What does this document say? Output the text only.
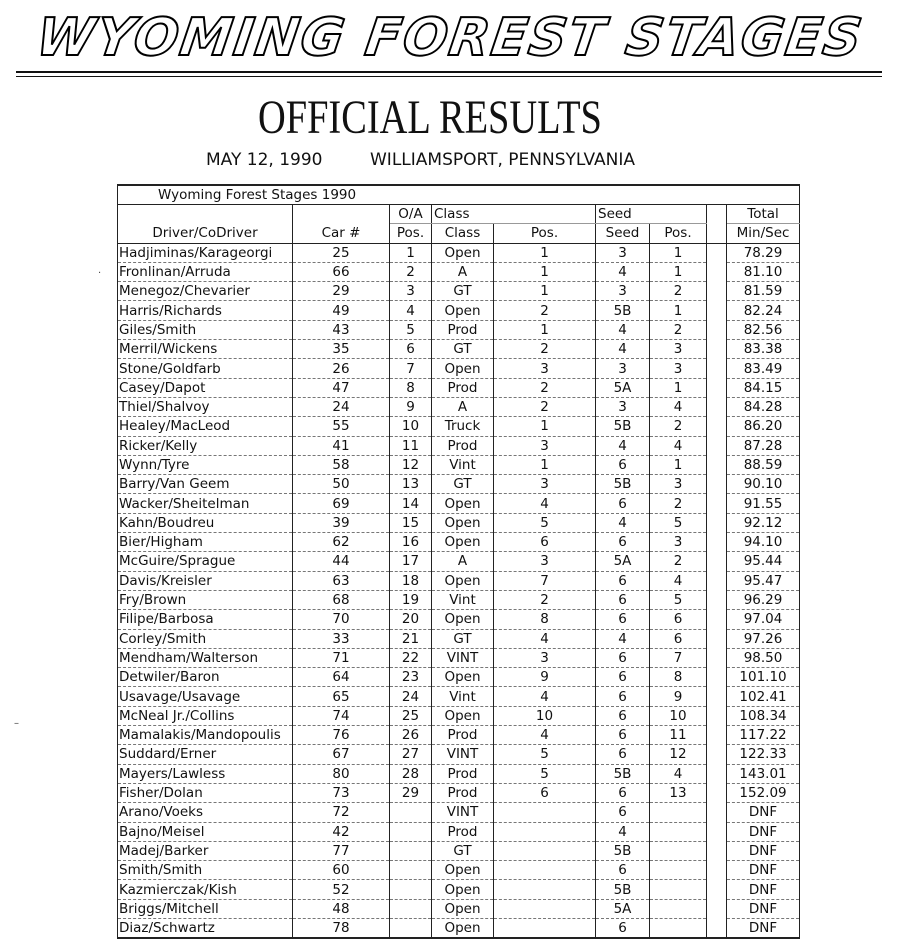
WYOMING FOREST STAGES
OFFICIAL RESULTS
MAY 12, 1990	WILLIAMSPORT, PENNSYLVANIA
·
–
Wyoming Forest Stages 1990								
		O/A	Class		Seed			Total
Driver/CoDriver	Car #	Pos.	Class	Pos.	Seed	Pos.		Min/Sec
Hadjiminas/Karageorgi	25	1	Open	1	3	1		78.29
Fronlinan/Arruda	66	2	A	1	4	1		81.10
Menegoz/Chevarier	29	3	GT	1	3	2		81.59
Harris/Richards	49	4	Open	2	5B	1		82.24
Giles/Smith	43	5	Prod	1	4	2		82.56
Merril/Wickens	35	6	GT	2	4	3		83.38
Stone/Goldfarb	26	7	Open	3	3	3		83.49
Casey/Dapot	47	8	Prod	2	5A	1		84.15
Thiel/Shalvoy	24	9	A	2	3	4		84.28
Healey/MacLeod	55	10	Truck	1	5B	2		86.20
Ricker/Kelly	41	11	Prod	3	4	4		87.28
Wynn/Tyre	58	12	Vint	1	6	1		88.59
Barry/Van Geem	50	13	GT	3	5B	3		90.10
Wacker/Sheitelman	69	14	Open	4	6	2		91.55
Kahn/Boudreu	39	15	Open	5	4	5		92.12
Bier/Higham	62	16	Open	6	6	3		94.10
McGuire/Sprague	44	17	A	3	5A	2		95.44
Davis/Kreisler	63	18	Open	7	6	4		95.47
Fry/Brown	68	19	Vint	2	6	5		96.29
Filipe/Barbosa	70	20	Open	8	6	6		97.04
Corley/Smith	33	21	GT	4	4	6		97.26
Mendham/Walterson	71	22	VINT	3	6	7		98.50
Detwiler/Baron	64	23	Open	9	6	8		101.10
Usavage/Usavage	65	24	Vint	4	6	9		102.41
McNeal Jr./Collins	74	25	Open	10	6	10		108.34
Mamalakis/Mandopoulis	76	26	Prod	4	6	11		117.22
Suddard/Erner	67	27	VINT	5	6	12		122.33
Mayers/Lawless	80	28	Prod	5	5B	4		143.01
Fisher/Dolan	73	29	Prod	6	6	13		152.09
Arano/Voeks	72		VINT		6			DNF
Bajno/Meisel	42		Prod		4			DNF
Madej/Barker	77		GT		5B			DNF
Smith/Smith	60		Open		6			DNF
Kazmierczak/Kish	52		Open		5B			DNF
Briggs/Mitchell	48		Open		5A			DNF
Diaz/Schwartz	78		Open		6			DNF
